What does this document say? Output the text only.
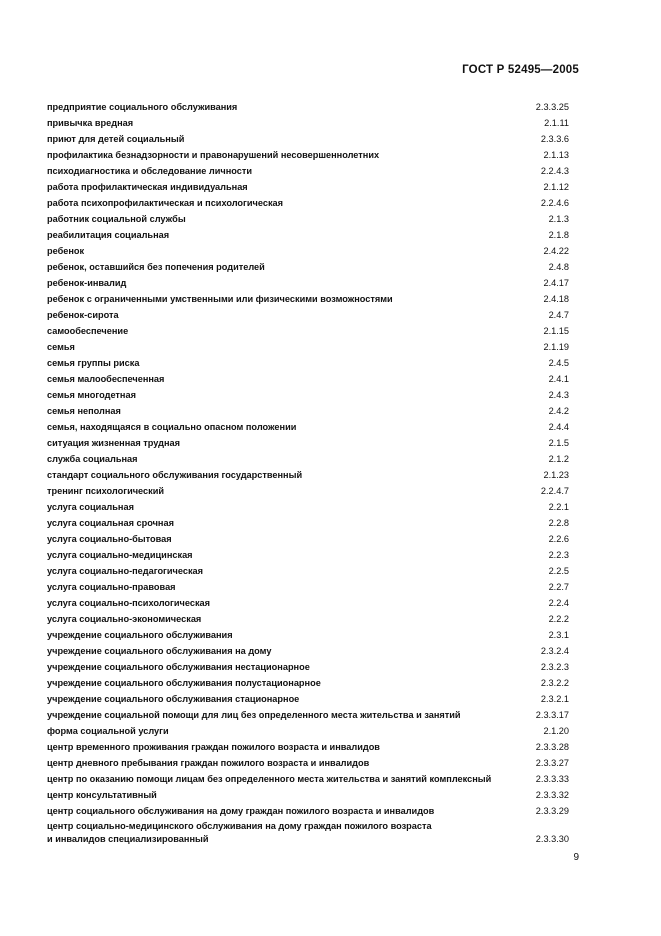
ГОСТ Р 52495—2005
предприятие социального обслуживания	2.3.3.25
привычка вредная	2.1.11
приют для детей социальный	2.3.3.6
профилактика безнадзорности и правонарушений несовершеннолетних	2.1.13
психодиагностика и обследование личности	2.2.4.3
работа профилактическая индивидуальная	2.1.12
работа психопрофилактическая и психологическая	2.2.4.6
работник социальной службы	2.1.3
реабилитация социальная	2.1.8
ребенок	2.4.22
ребенок, оставшийся без попечения родителей	2.4.8
ребенок-инвалид	2.4.17
ребенок с ограниченными умственными или физическими возможностями	2.4.18
ребенок-сирота	2.4.7
самообеспечение	2.1.15
семья	2.1.19
семья группы риска	2.4.5
семья малообеспеченная	2.4.1
семья многодетная	2.4.3
семья неполная	2.4.2
семья, находящаяся в социально опасном положении	2.4.4
ситуация жизненная трудная	2.1.5
служба социальная	2.1.2
стандарт социального обслуживания государственный	2.1.23
тренинг психологический	2.2.4.7
услуга социальная	2.2.1
услуга социальная срочная	2.2.8
услуга социально-бытовая	2.2.6
услуга социально-медицинская	2.2.3
услуга социально-педагогическая	2.2.5
услуга социально-правовая	2.2.7
услуга социально-психологическая	2.2.4
услуга социально-экономическая	2.2.2
учреждение социального обслуживания	2.3.1
учреждение социального обслуживания на дому	2.3.2.4
учреждение социального обслуживания нестационарное	2.3.2.3
учреждение социального обслуживания полустационарное	2.3.2.2
учреждение социального обслуживания стационарное	2.3.2.1
учреждение социальной помощи для лиц без определенного места жительства и занятий	2.3.3.17
форма социальной услуги	2.1.20
центр временного проживания граждан пожилого возраста и инвалидов	2.3.3.28
центр дневного пребывания граждан пожилого возраста и инвалидов	2.3.3.27
центр по оказанию помощи лицам без определенного места жительства и занятий комплексный	2.3.3.33
центр консультативный	2.3.3.32
центр социального обслуживания на дому граждан пожилого возраста и инвалидов	2.3.3.29
центр социально-медицинского обслуживания на дому граждан пожилого возраста
и инвалидов специализированный	2.3.3.30
9
